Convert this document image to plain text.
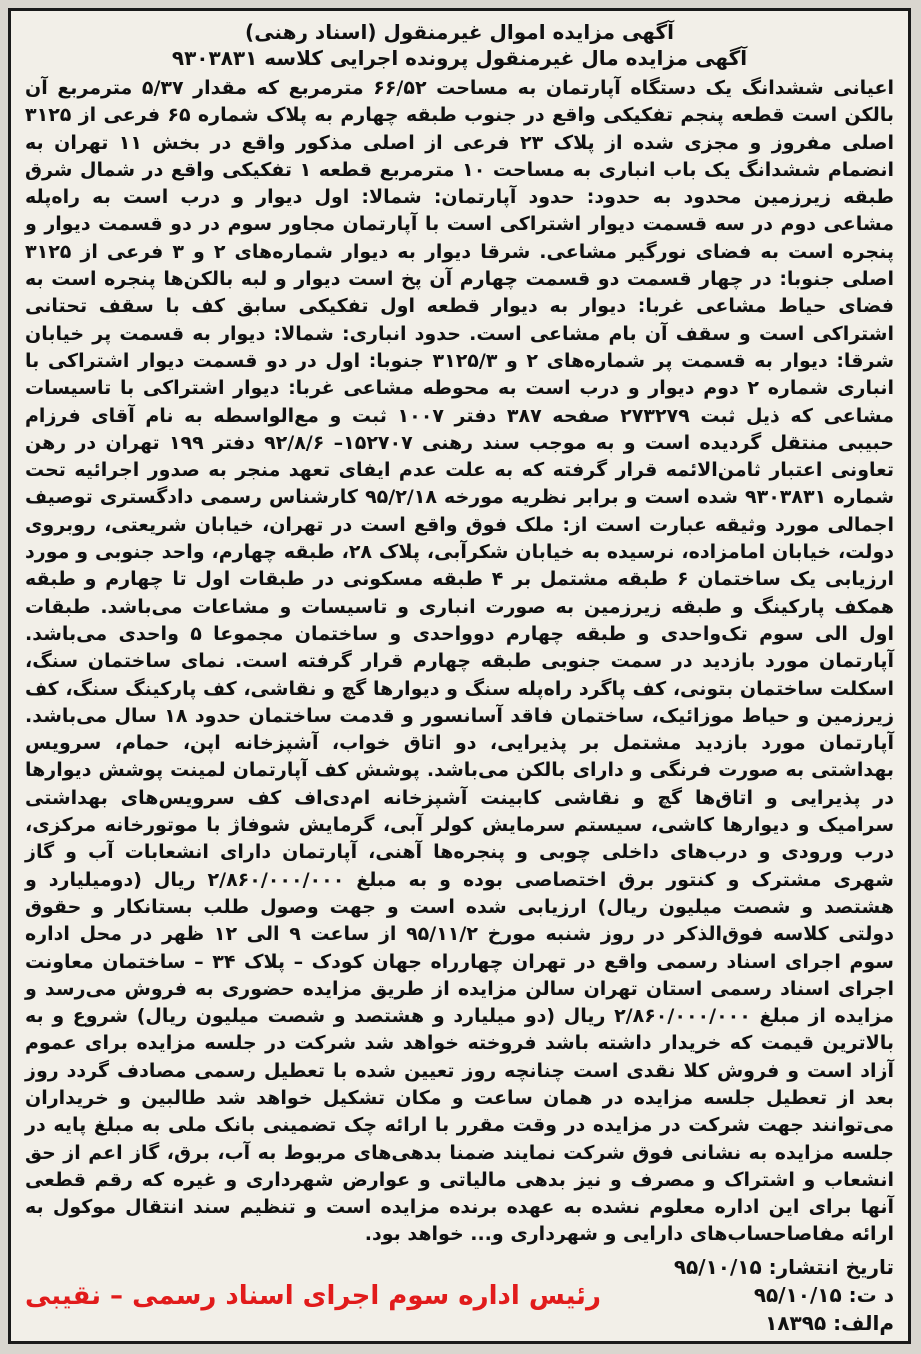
آگهی مزایده اموال غیرمنقول (اسناد رهنی)

آگهی مزایده مال غیرمنقول پرونده اجرایی کلاسه ۹۳۰۳۸۳۱

اعیانی ششدانگ یک دستگاه آپارتمان به مساحت ۶۶/۵۲ مترمربع که مقدار ۵/۳۷ مترمربع آن بالکن است قطعه پنجم تفکیکی واقع در جنوب طبقه چهارم به پلاک شماره ۶۵ فرعی از ۳۱۲۵ اصلی مفروز و مجزی شده از پلاک ۲۳ فرعی از اصلی مذکور واقع در بخش ۱۱ تهران به انضمام ششدانگ یک باب انباری به مساحت ۱۰ مترمربع قطعه ۱ تفکیکی واقع در شمال شرق طبقه زیرزمین محدود به حدود: حدود آپارتمان: شمالا: اول دیوار و درب است به راه‌پله مشاعی دوم در سه قسمت دیوار اشتراکی است با آپارتمان مجاور سوم در دو قسمت دیوار و پنجره است به فضای نورگیر مشاعی. شرقا دیوار به دیوار شماره‌های ۲ و ۳ فرعی از ۳۱۲۵ اصلی جنوبا: در چهار قسمت دو قسمت چهارم آن پخ است دیوار و لبه بالکن‌ها پنجره است به فضای حیاط مشاعی غربا: دیوار به دیوار قطعه اول تفکیکی سابق کف با سقف تحتانی اشتراکی است و سقف آن بام مشاعی است. حدود انباری: شمالا: دیوار به قسمت پر خیابان شرقا: دیوار به قسمت پر شماره‌های ۲ و ۳۱۲۵/۳ جنوبا: اول در دو قسمت دیوار اشتراکی با انباری شماره ۲ دوم دیوار و درب است به محوطه مشاعی غربا: دیوار اشتراکی با تاسیسات مشاعی که ذیل ثبت ۲۷۳۲۷۹ صفحه ۳۸۷ دفتر ۱۰۰۷ ثبت و مع‌الواسطه به نام آقای فرزام حبیبی منتقل گردیده است و به موجب سند رهنی ۱۵۲۷۰۷– ۹۲/۸/۶ دفتر ۱۹۹ تهران در رهن تعاونی اعتبار ثامن‌الائمه قرار گرفته که به علت عدم ایفای تعهد منجر به صدور اجرائیه تحت شماره ۹۳۰۳۸۳۱ شده است و برابر نظریه مورخه ۹۵/۲/۱۸ کارشناس رسمی دادگستری توصیف اجمالی مورد وثیقه عبارت است از: ملک فوق واقع است در تهران، خیابان شریعتی، روبروی دولت، خیابان امامزاده، نرسیده به خیابان شکرآبی، پلاک ۲۸، طبقه چهارم، واحد جنوبی و مورد ارزیابی یک ساختمان ۶ طبقه مشتمل بر ۴ طبقه مسکونی در طبقات اول تا چهارم و طبقه همکف پارکینگ و طبقه زیرزمین به صورت انباری و تاسیسات و مشاعات می‌باشد. طبقات اول الی سوم تک‌واحدی و طبقه چهارم دوواحدی و ساختمان مجموعا ۵ واحدی می‌باشد. آپارتمان مورد بازدید در سمت جنوبی طبقه چهارم قرار گرفته است. نمای ساختمان سنگ، اسکلت ساختمان بتونی، کف پاگرد راه‌پله سنگ و دیوارها گچ و نقاشی، کف پارکینگ سنگ، کف زیرزمین و حیاط موزائیک، ساختمان فاقد آسانسور و قدمت ساختمان حدود ۱۸ سال می‌باشد. آپارتمان مورد بازدید مشتمل بر پذیرایی، دو اتاق خواب، آشپزخانه اپن، حمام، سرویس بهداشتی به صورت فرنگی و دارای بالکن می‌باشد. پوشش کف آپارتمان لمینت پوشش دیوارها در پذیرایی و اتاق‌ها گچ و نقاشی کابینت آشپزخانه ام‌دی‌اف کف سرویس‌های بهداشتی سرامیک و دیوارها کاشی، سیستم سرمایش کولر آبی، گرمایش شوفاژ با موتورخانه مرکزی، درب ورودی و درب‌های داخلی چوبی و پنجره‌ها آهنی، آپارتمان دارای انشعابات آب و گاز شهری مشترک و کنتور برق اختصاصی بوده و به مبلغ ۲/۸۶۰/۰۰۰/۰۰۰ ریال (دومیلیارد و هشتصد و شصت میلیون ریال) ارزیابی شده است و جهت وصول طلب بستانکار و حقوق دولتی کلاسه فوق‌الذکر در روز شنبه مورخ ۹۵/۱۱/۲ از ساعت ۹ الی ۱۲ ظهر در محل اداره سوم اجرای اسناد رسمی واقع در تهران چهارراه جهان کودک – پلاک ۳۴ – ساختمان معاونت اجرای اسناد رسمی استان تهران سالن مزایده از طریق مزایده حضوری به فروش می‌رسد و مزایده از مبلغ ۲/۸۶۰/۰۰۰/۰۰۰ ریال (دو میلیارد و هشتصد و شصت میلیون ریال) شروع و به بالاترین قیمت که خریدار داشته باشد فروخته خواهد شد شرکت در جلسه مزایده برای عموم آزاد است و فروش کلا نقدی است چنانچه روز تعیین شده با تعطیل رسمی مصادف گردد روز بعد از تعطیل جلسه مزایده در همان ساعت و مکان تشکیل خواهد شد طالبین و خریداران می‌توانند جهت شرکت در مزایده در وقت مقرر با ارائه چک تضمینی بانک ملی به مبلغ پایه در جلسه مزایده به نشانی فوق شرکت نمایند ضمنا بدهی‌های مربوط به آب، برق، گاز اعم از حق انشعاب و اشتراک و مصرف و نیز بدهی مالیاتی و عوارض شهرداری و غیره که رقم قطعی آنها برای این اداره معلوم نشده به عهده برنده مزایده است و تنظیم سند انتقال موکول به ارائه مفاصاحساب‌های دارایی و شهرداری و... خواهد بود.

تاریخ انتشار: ۹۵/۱۰/۱۵

د ت: ۹۵/۱۰/۱۵

م‌الف: ۱۸۳۹۵

رئیس اداره سوم اجرای اسناد رسمی – نقیبی
